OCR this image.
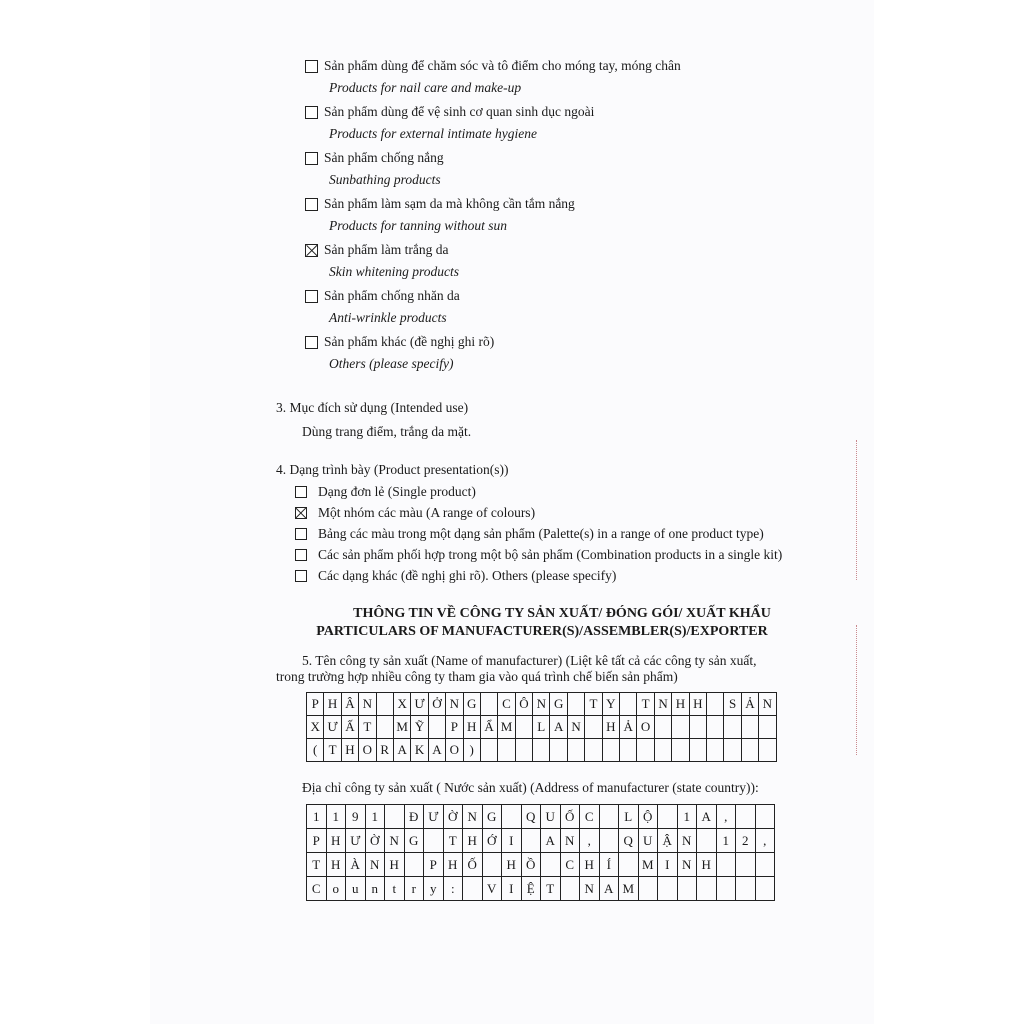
Sản phẩm dùng để chăm sóc và tô điểm cho móng tay, móng chân
Products for nail care and make-up
Sản phẩm dùng để vệ sinh cơ quan sinh dục ngoài
Products for external intimate hygiene
Sản phẩm chống nắng
Sunbathing products
Sản phẩm làm sạm da mà không cần tắm nắng
Products for tanning without sun
Sản phẩm làm trắng da
Skin whitening products
Sản phẩm chống nhăn da
Anti-wrinkle products
Sản phẩm khác (đề nghị ghi rõ)
Others (please specify)
3. Mục đích sử dụng (Intended use)
Dùng trang điểm, trắng da mặt.
4. Dạng trình bày (Product presentation(s))
Dạng đơn lẻ (Single product)
Một nhóm các màu (A range of colours)
Bảng các màu trong một dạng sản phẩm (Palette(s) in a range of one product type)
Các sản phẩm phối hợp trong một bộ sản phẩm (Combination products in a single kit)
Các dạng khác (đề nghị ghi rõ). Others (please specify)
THÔNG TIN VỀ CÔNG TY SẢN XUẤT/ ĐÓNG GÓI/ XUẤT KHẨU
PARTICULARS OF MANUFACTURER(S)/ASSEMBLER(S)/EXPORTER
5. Tên công ty sản xuất (Name of manufacturer) (Liệt kê tất cả các công ty sản xuất,
trong trường hợp nhiều công ty tham gia vào quá trình chế biến sản phẩm)
P H Â N	X Ư Ở N G	C Ô N G	T Y	T N H H	S Ả N
X Ư Ấ T	M Ỹ	P H Ẩ M	L A N	H Ả O
( T H O R A K A O )
Địa chỉ công ty sản xuất ( Nước sản xuất) (Address of manufacturer (state country)):
1	1	9	1	Đ Ư Ờ N G	Q U Ố C	L Ộ	1 A	,
P H Ư Ờ N G	T H Ớ I	A N	,	Q U Ậ N	1	2	,
T H À N H	P H Ố	H Ồ	C H Í	M I N H
C o	u	n	t	r	y	:	V I	Ệ T	N A M
